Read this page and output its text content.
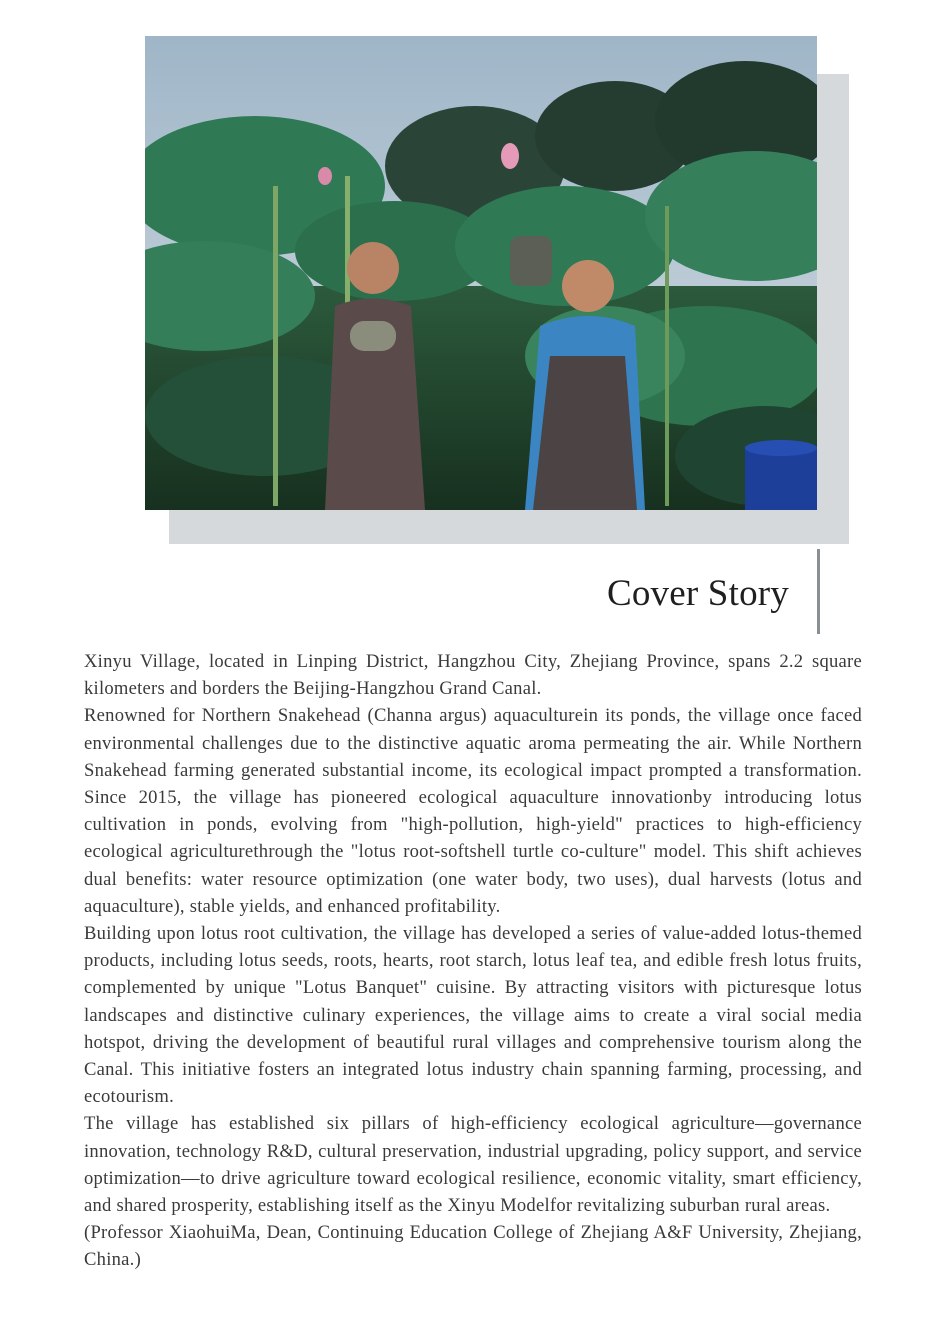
Cover Story

Xinyu Village, located in Linping District, Hangzhou City, Zhejiang Province, spans 2.2 square kilometers and borders the Beijing-Hangzhou Grand Canal.

Renowned for Northern Snakehead (Channa argus) aquaculturein its ponds, the village once faced environmental challenges due to the distinctive aquatic aroma permeating the air. While Northern Snakehead farming generated substantial income, its ecological impact prompted a transformation. Since 2015, the village has pioneered ecological aquaculture innovationby introducing lotus cultivation in ponds, evolving from "high-pollution, high-yield" practices to high-efficiency ecological agriculturethrough the "lotus root-softshell turtle co-culture" model. This shift achieves dual benefits: water resource optimization (one water body, two uses), dual harvests (lotus and aquaculture), stable yields, and enhanced profitability.

Building upon lotus root cultivation, the village has developed a series of value-added lotus-themed products, including lotus seeds, roots, hearts, root starch, lotus leaf tea, and edible fresh lotus fruits, complemented by unique "Lotus Banquet" cuisine. By attracting visitors with picturesque lotus landscapes and distinctive culinary experiences, the village aims to create a viral social media hotspot, driving the development of beautiful rural villages and comprehensive tourism along the Canal. This initiative fosters an integrated lotus industry chain spanning farming, processing, and ecotourism.

The village has established six pillars of high-efficiency ecological agriculture—governance innovation, technology R&D, cultural preservation, industrial upgrading, policy support, and service optimization—to drive agriculture toward ecological resilience, economic vitality, smart efficiency, and shared prosperity, establishing itself as the Xinyu Modelfor revitalizing suburban rural areas.

(Professor XiaohuiMa, Dean, Continuing Education College of Zhejiang A&F University, Zhejiang, China.)
